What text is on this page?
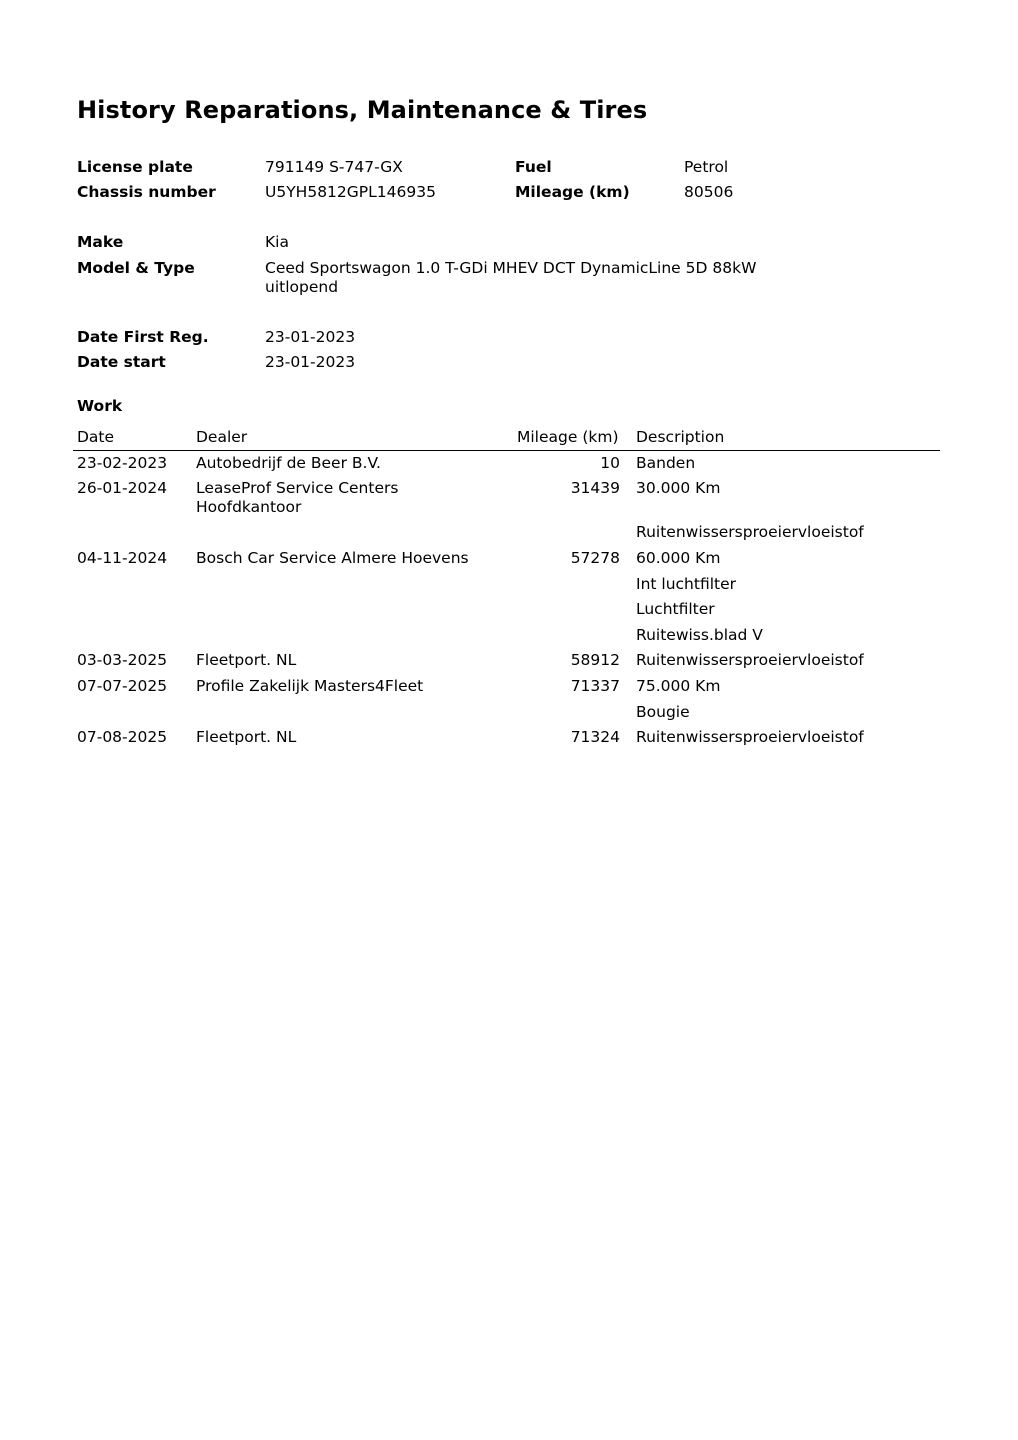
History Reparations, Maintenance & Tires
License plate	791149 S-747-GX	Fuel	Petrol
Chassis number	U5YH5812GPL146935	Mileage (km)	80506
Make	Kia
Model & Type	Ceed Sportswagon 1.0 T-GDi MHEV DCT DynamicLine 5D 88kW
uitlopend
Date First Reg.	23-01-2023
Date start	23-01-2023
Work
Date	Dealer	Mileage (km) Description
23-02-2023 Autobedrijf de Beer B.V.	10 Banden
26-01-2024 LeaseProf Service Centers
Hoofdkantoor
31439 30.000 Km
Ruitenwissersproeiervloeistof
04-11-2024 Bosch Car Service Almere Hoevens	57278 60.000 Km
Int luchtfilter
Luchtfilter
Ruitewiss.blad V
03-03-2025 Fleetport. NL	58912 Ruitenwissersproeiervloeistof
07-07-2025 Profile Zakelijk Masters4Fleet	71337 75.000 Km
Bougie
07-08-2025 Fleetport. NL	71324 Ruitenwissersproeiervloeistof
